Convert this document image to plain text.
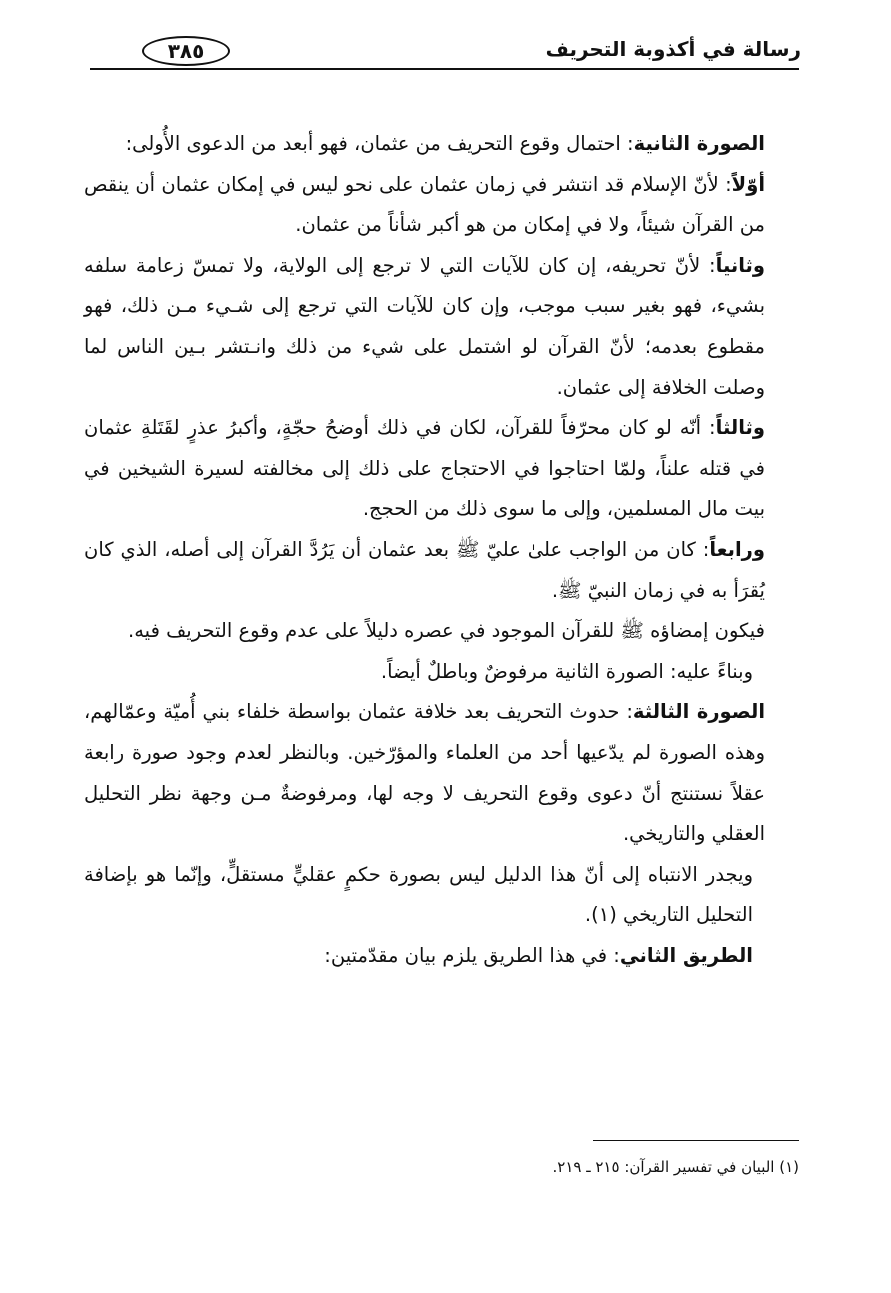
رسالة في أكذوبة التحريف
٣٨٥

الصورة الثانية: احتمال وقوع التحريف من عثمان، فهو أبعد من الدعوى الأُولى:

أوّلاً: لأنّ الإسلام قد انتشر في زمان عثمان على نحو ليس في إمكان عثمان أن ينقص من القرآن شيئاً، ولا في إمكان من هو أكبر شأناً من عثمان.

وثانياً: لأنّ تحريفه، إن كان للآيات التي لا ترجع إلى الولاية، ولا تمسّ زعامة سلفه بشيء، فهو بغير سبب موجب، وإن كان للآيات التي ترجع إلى شـيء مـن ذلك، فهو مقطوع بعدمه؛ لأنّ القرآن لو اشتمل على شيء من ذلك وانـتشر بـين الناس لما وصلت الخلافة إلى عثمان.

وثالثاً: أنّه لو كان محرّفاً للقرآن، لكان في ذلك أوضحُ حجّةٍ، وأكبرُ عذرٍ لقَتَلةِ عثمان في قتله علناً، ولمّا احتاجوا في الاحتجاج على ذلك إلى مخالفته لسيرة الشيخين في بيت مال المسلمين، وإلى ما سوى ذلك من الحجج.

ورابعاً: كان من الواجب علىٰ عليّ ﷺ بعد عثمان أن يَرُدَّ القرآن إلى أصله، الذي كان يُقرَأ به في زمان النبيّ ﷺ.

فيكون إمضاؤه ﷺ للقرآن الموجود في عصره دليلاً على عدم وقوع التحريف فيه.

وبناءً عليه: الصورة الثانية مرفوضٌ وباطلٌ أيضاً.

الصورة الثالثة: حدوث التحريف بعد خلافة عثمان بواسطة خلفاء بني أُميّة وعمّالهم، وهذه الصورة لم يدّعيها أحد من العلماء والمؤرّخين. وبالنظر لعدم وجود صورة رابعة عقلاً نستنتج أنّ دعوى وقوع التحريف لا وجه لها، ومرفوضةٌ مـن وجهة نظر التحليل العقلي والتاريخي.

ويجدر الانتباه إلى أنّ هذا الدليل ليس بصورة حكمٍ عقليٍّ مستقلٍّ، وإنّما هو بإضافة التحليل التاريخي (١).

الطريق الثاني: في هذا الطريق يلزم بيان مقدّمتين:

(١) البيان في تفسير القرآن: ٢١٥ ـ ٢١٩.
